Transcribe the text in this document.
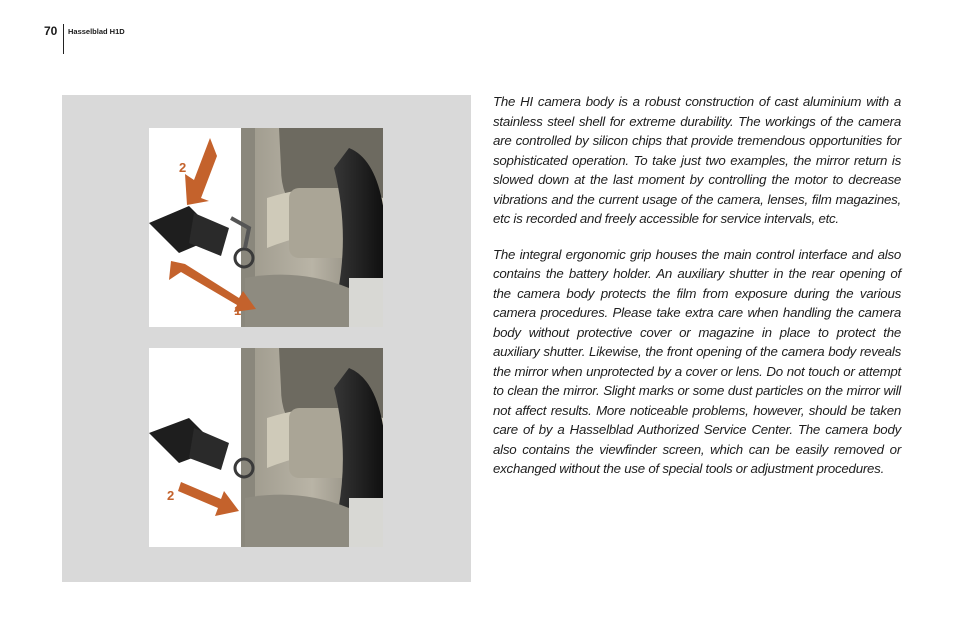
70 Hasselblad H1D
2
1
2

The HI camera body is a robust construction of cast aluminium with a stainless steel shell for extreme durability. The workings of the camera are controlled by silicon chips that provide tremendous opportunities for sophisticated operation. To take just two examples, the mirror return is slowed down at the last moment by controlling the motor to decrease vibrations and the current usage of the camera, lenses, film magazines, etc is recorded and freely accessible for service intervals, etc.

The integral ergonomic grip houses the main control interface and also contains the battery holder. An auxiliary shutter in the rear opening of the camera body protects the film from exposure during the various camera procedures. Please take extra care when handling the camera body without protective cover or magazine in place to protect the auxiliary shutter. Likewise, the front opening of the camera body reveals the mirror when unprotected by a cover or lens. Do not touch or attempt to clean the mirror. Slight marks or some dust particles on the mirror will not affect results. More noticeable problems, however, should be taken care of by a Hasselblad Authorized Service Center. The camera body also contains the viewfinder screen, which can be easily removed or exchanged without the use of special tools or adjustment procedures.
